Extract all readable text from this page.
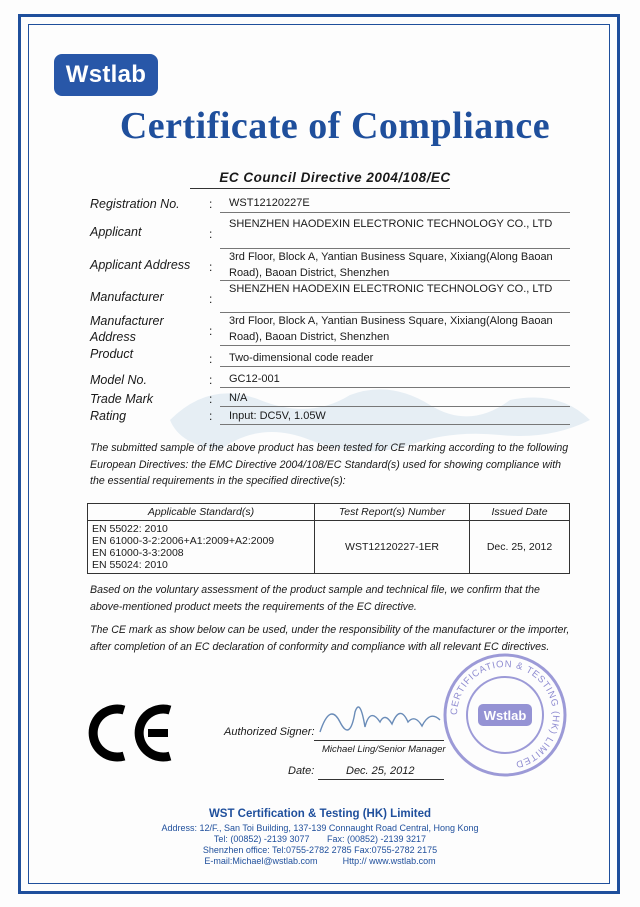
Wstlab
Certificate of Compliance
EC Council Directive 2004/108/EC
Registration No. : WST12120227E
Applicant	:
SHENZHEN HAODEXIN ELECTRONIC TECHNOLOGY CO., LTD
Applicant Address :
3rd Floor, Block A, Yantian Business Square, Xixiang(Along Baoan Road), Baoan District, Shenzhen
Manufacturer	:
SHENZHEN HAODEXIN ELECTRONIC TECHNOLOGY CO., LTD
Manufacturer Address	:
3rd Floor, Block A, Yantian Business Square, Xixiang(Along Baoan Road), Baoan District, Shenzhen
Product	: Two-dimensional code reader
Model No.	: GC12-001
Trade Mark	: N/A
Rating	: Input: DC5V, 1.05W
The submitted sample of the above product has been tested for CE marking according to the following European Directives: the EMC Directive 2004/108/EC Standard(s) used for showing compliance with the essential requirements in the specified directive(s):
Applicable Standard(s)	Test Report(s) Number	Issued Date

EN 55022: 2010
EN 61000-3-2:2006+A1:2009+A2:2009
EN 61000-3-3:2008
EN 55024: 2010	WST12120227-1ER	Dec. 25, 2012
Based on the voluntary assessment of the product sample and technical file, we confirm that the above-mentioned product meets the requirements of the EC directive.
The CE mark as show below can be used, under the responsibility of the manufacturer or the importer, after completion of an EC declaration of conformity and compliance with all relevant EC directives.
Authorized Signer:
Michael Ling/Senior Manager
Date:	Dec. 25, 2012
CERTIFICATION & TESTING (HK) LIMITED
Wstlab
WST Certification & Testing (HK) Limited
Address: 12/F., San Toi Building, 137-139 Connaught Road Central, Hong Kong
Tel: (00852) -2139 3077 Fax: (00852) -2139 3217
Shenzhen office: Tel:0755-2782 2785 Fax:0755-2782 2175
E-mail:Michael@wstlab.com	Http:// www.wstlab.com
